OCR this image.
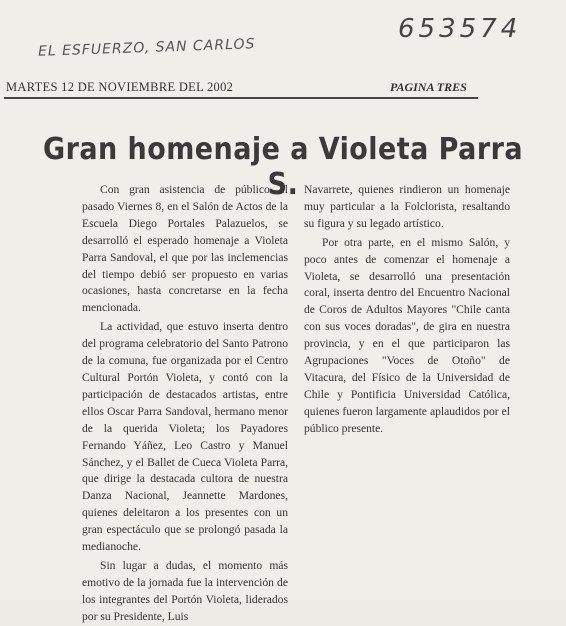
EL ESFUERZO, SAN CARLOS
653574
MARTES 12 DE NOVIEMBRE DEL 2002	PAGINA TRES
Gran homenaje a Violeta Parra S.

Con gran asistencia de público el pasado Viernes 8, en el Salón de Actos de la Escuela Diego Portales Palazuelos, se desarrolló el esperado homenaje a Violeta Parra Sandoval, el que por las inclemencias del tiempo debió ser propuesto en varias ocasiones, hasta concretarse en la fecha mencionada.

La actividad, que estuvo inserta dentro del programa celebratorio del Santo Patrono de la comuna, fue organizada por el Centro Cultural Portón Violeta, y contó con la participación de destacados artistas, entre ellos Oscar Parra Sandoval, hermano menor de la querida Violeta; los Payadores Fernando Yáñez, Leo Castro y Manuel Sánchez, y el Ballet de Cueca Violeta Parra, que dirige la destacada cultora de nuestra Danza Nacional, Jeannette Mardones, quienes deleitaron a los presentes con un gran espectáculo que se prolongó pasada la medianoche.

Sin lugar a dudas, el momento más emotivo de la jornada fue la intervención de los integrantes del Portón Violeta, liderados por su Presidente, Luis

Navarrete, quienes rindieron un homenaje muy particular a la Folclorista, resaltando su figura y su legado artístico.

Por otra parte, en el mismo Salón, y poco antes de comenzar el homenaje a Violeta, se desarrolló una presentación coral, inserta dentro del Encuentro Nacional de Coros de Adultos Mayores "Chile canta con sus voces doradas", de gira en nuestra provincia, y en el que participaron las Agrupaciones "Voces de Otoño" de Vitacura, del Físico de la Universidad de Chile y Pontificia Universidad Católica, quienes fueron largamente aplaudidos por el público presente.
